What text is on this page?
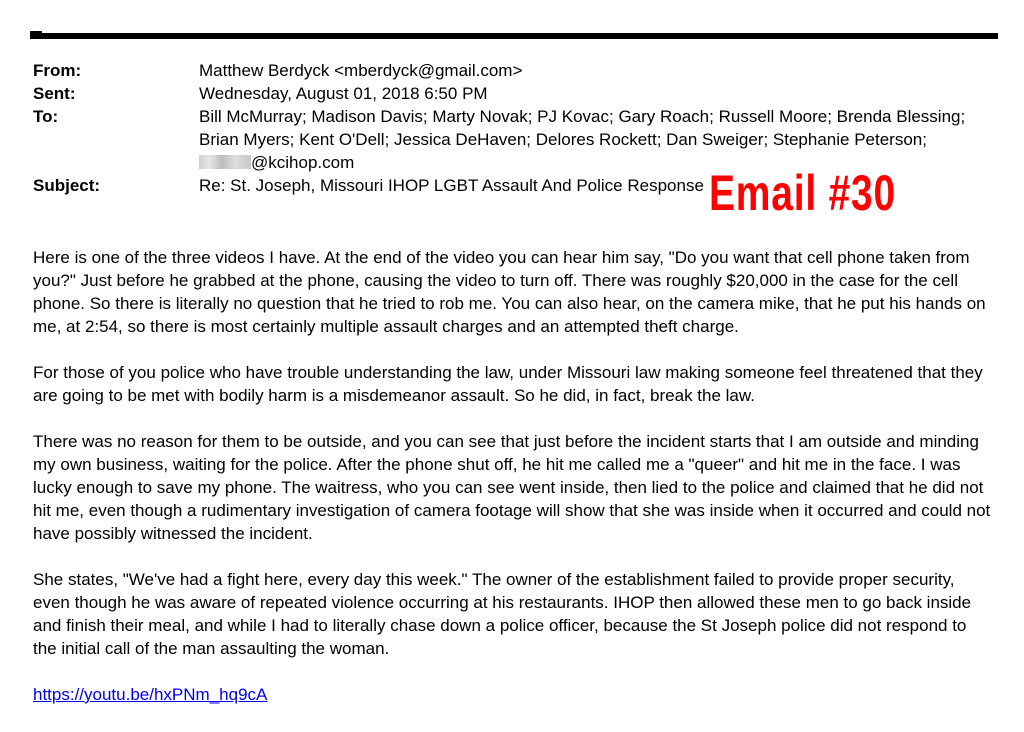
From:	Matthew Berdyck <mberdyck@gmail.com>
Sent:	Wednesday, August 01, 2018 6:50 PM
To:	Bill McMurray; Madison Davis; Marty Novak; PJ Kovac; Gary Roach; Russell Moore; Brenda Blessing;
Brian Myers; Kent O'Dell; Jessica DeHaven; Delores Rockett; Dan Sweiger; Stephanie Peterson;
@kcihop.com
Subject:	Re: St. Joseph, Missouri IHOP LGBT Assault And Police Response Email #30

Here is one of the three videos I have. At the end of the video you can hear him say, "Do you want that cell phone taken from you?" Just before he grabbed at the phone, causing the video to turn off. There was roughly $20,000 in the case for the cell phone. So there is literally no question that he tried to rob me. You can also hear, on the camera mike, that he put his hands on me, at 2:54, so there is most certainly multiple assault charges and an attempted theft charge.

For those of you police who have trouble understanding the law, under Missouri law making someone feel threatened that they are going to be met with bodily harm is a misdemeanor assault. So he did, in fact, break the law.

There was no reason for them to be outside, and you can see that just before the incident starts that I am outside and minding my own business, waiting for the police. After the phone shut off, he hit me called me a "queer" and hit me in the face. I was lucky enough to save my phone. The waitress, who you can see went inside, then lied to the police and claimed that he did not hit me, even though a rudimentary investigation of camera footage will show that she was inside when it occurred and could not have possibly witnessed the incident.

She states, "We've had a fight here, every day this week." The owner of the establishment failed to provide proper security, even though he was aware of repeated violence occurring at his restaurants. IHOP then allowed these men to go back inside and finish their meal, and while I had to literally chase down a police officer, because the St Joseph police did not respond to the initial call of the man assaulting the woman.

https://youtu.be/hxPNm_hq9cA
